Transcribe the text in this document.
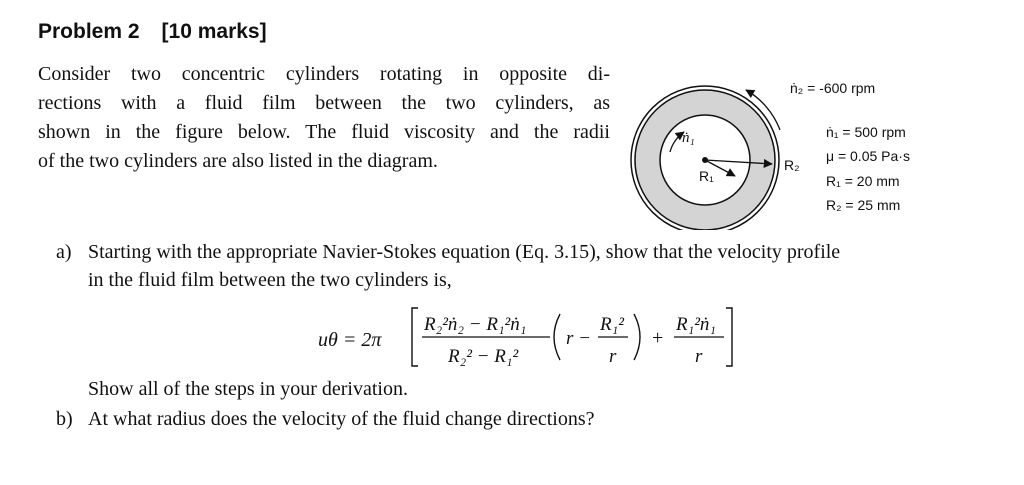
Problem 2 [10 marks]
Consider two concentric cylinders rotating in opposite di-
rections with a fluid film between the two cylinders, as
shown in the figure below. The fluid viscosity and the radii
of the two cylinders are also listed in the diagram.
ṅ₁
R₁
R₂
ṅ₂ = -600 rpm
ṅ₁ = 500 rpm
μ = 0.05 Pa·s
R₁ = 20 mm
R₂ = 25 mm
a) Starting with the appropriate Navier-Stokes equation (Eq. 3.15), show that the velocity profile
in the fluid film between the two cylinders is,
uθ = 2π
R₂²ṅ₂ − R₁²ṅ₁
R₂² − R₁²
r −
R₁²
r
+
R₁²ṅ₁
r
Show all of the steps in your derivation.
b) At what radius does the velocity of the fluid change directions?
